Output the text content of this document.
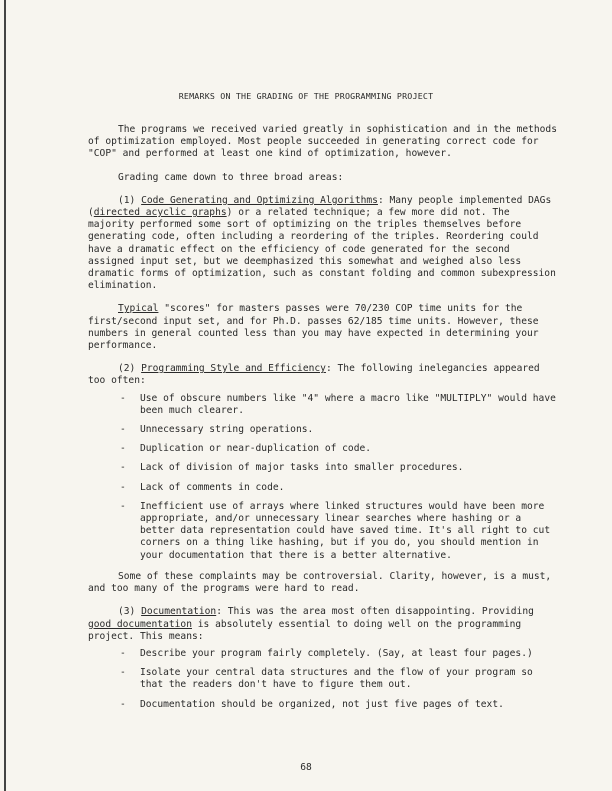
REMARKS ON THE GRADING OF THE PROGRAMMING PROJECT

The programs we received varied greatly in sophistication and in the methods of optimization employed. Most people succeeded in generating correct code for "COP" and performed at least one kind of optimization, however.

Grading came down to three broad areas:

(1) Code Generating and Optimizing Algorithms: Many people implemented DAGs (directed acyclic graphs) or a related technique; a few more did not. The majority performed some sort of optimizing on the triples themselves before generating code, often including a reordering of the triples. Reordering could have a dramatic effect on the efficiency of code generated for the second assigned input set, but we deemphasized this somewhat and weighed also less dramatic forms of optimization, such as constant folding and common subexpression elimination.

Typical "scores" for masters passes were 70/230 COP time units for the first/second input set, and for Ph.D. passes 62/185 time units. However, these numbers in general counted less than you may have expected in determining your performance.

(2) Programming Style and Efficiency: The following inelegancies appeared too often:

- Use of obscure numbers like "4" where a macro like "MULTIPLY" would have been much clearer.
- Unnecessary string operations.
- Duplication or near-duplication of code.
- Lack of division of major tasks into smaller procedures.
- Lack of comments in code.
- Inefficient use of arrays where linked structures would have been more appropriate, and/or unnecessary linear searches where hashing or a better data representation could have saved time. It's all right to cut corners on a thing like hashing, but if you do, you should mention in your documentation that there is a better alternative.

Some of these complaints may be controversial. Clarity, however, is a must, and too many of the programs were hard to read.

(3) Documentation: This was the area most often disappointing. Providing good documentation is absolutely essential to doing well on the programming project. This means:

- Describe your program fairly completely. (Say, at least four pages.)
- Isolate your central data structures and the flow of your program so that the readers don't have to figure them out.
- Documentation should be organized, not just five pages of text.
68
